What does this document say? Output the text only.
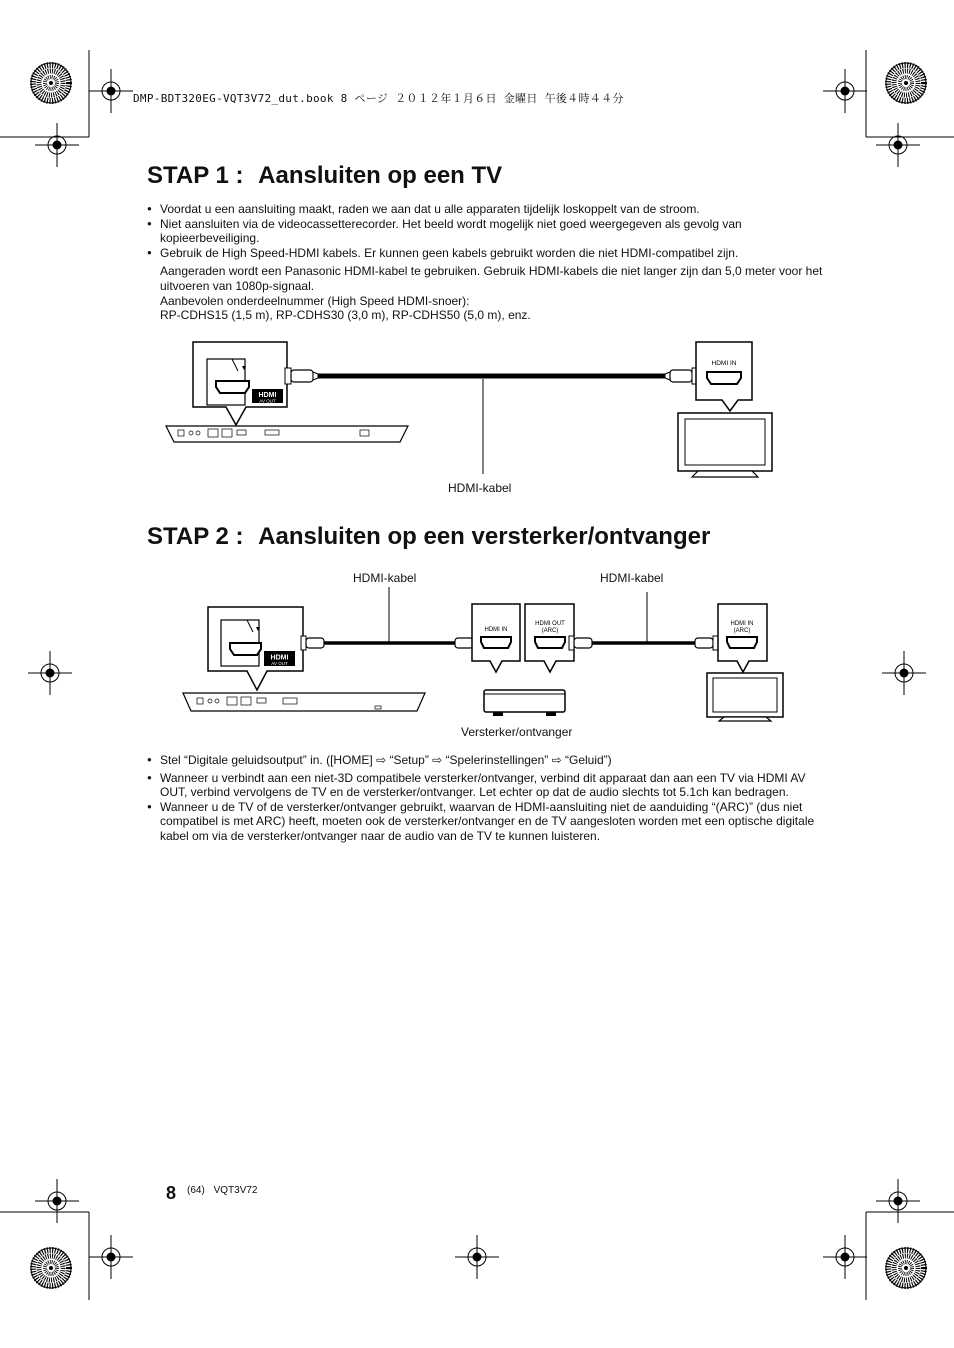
DMP-BDT320EG-VQT3V72_dut.book 8 ページ ２０１２年１月６日 金曜日 午後４時４４分
STAP 1 : Aansluiten op een TV
● Voordat u een aansluiting maakt, raden we aan dat u alle apparaten tijdelijk loskoppelt van de stroom.
● Niet aansluiten via de videocassetterecorder. Het beeld wordt mogelijk niet goed weergegeven als gevolg van kopieerbeveiliging.
● Gebruik de High Speed-HDMI kabels. Er kunnen geen kabels gebruikt worden die niet HDMI-compatibel zijn.
Aangeraden wordt een Panasonic HDMI-kabel te gebruiken. Gebruik HDMI-kabels die niet langer zijn dan 5,0 meter voor het uitvoeren van 1080p-signaal.
Aanbevolen onderdeelnummer (High Speed HDMI-snoer):
RP-CDHS15 (1,5 m), RP-CDHS30 (3,0 m), RP-CDHS50 (5,0 m), enz.
HDMI
AV OUT
HDMI IN
HDMI-kabel
STAP 2 : Aansluiten op een versterker/ontvanger
HDMI-kabel	HDMI-kabel
HDMI
AV OUT
HDMI IN
HDMI OUT
(ARC)
HDMI IN
(ARC)
Versterker/ontvanger
● Stel “Digitale geluidsoutput” in. ([HOME] ⇨ “Setup” ⇨ “Spelerinstellingen” ⇨ “Geluid”)
● Wanneer u verbindt aan een niet-3D compatibele versterker/ontvanger, verbind dit apparaat dan aan een TV via HDMI AV OUT, verbind vervolgens de TV en de versterker/ontvanger. Let echter op dat de audio slechts tot 5.1ch kan bedragen.
● Wanneer u de TV of de versterker/ontvanger gebruikt, waarvan de HDMI-aansluiting niet de aanduiding “(ARC)” (dus niet compatibel is met ARC) heeft, moeten ook de versterker/ontvanger en de TV aangesloten worden met een optische digitale kabel om via de versterker/ontvanger naar de audio van de TV te kunnen luisteren.
8 (64) VQT3V72
